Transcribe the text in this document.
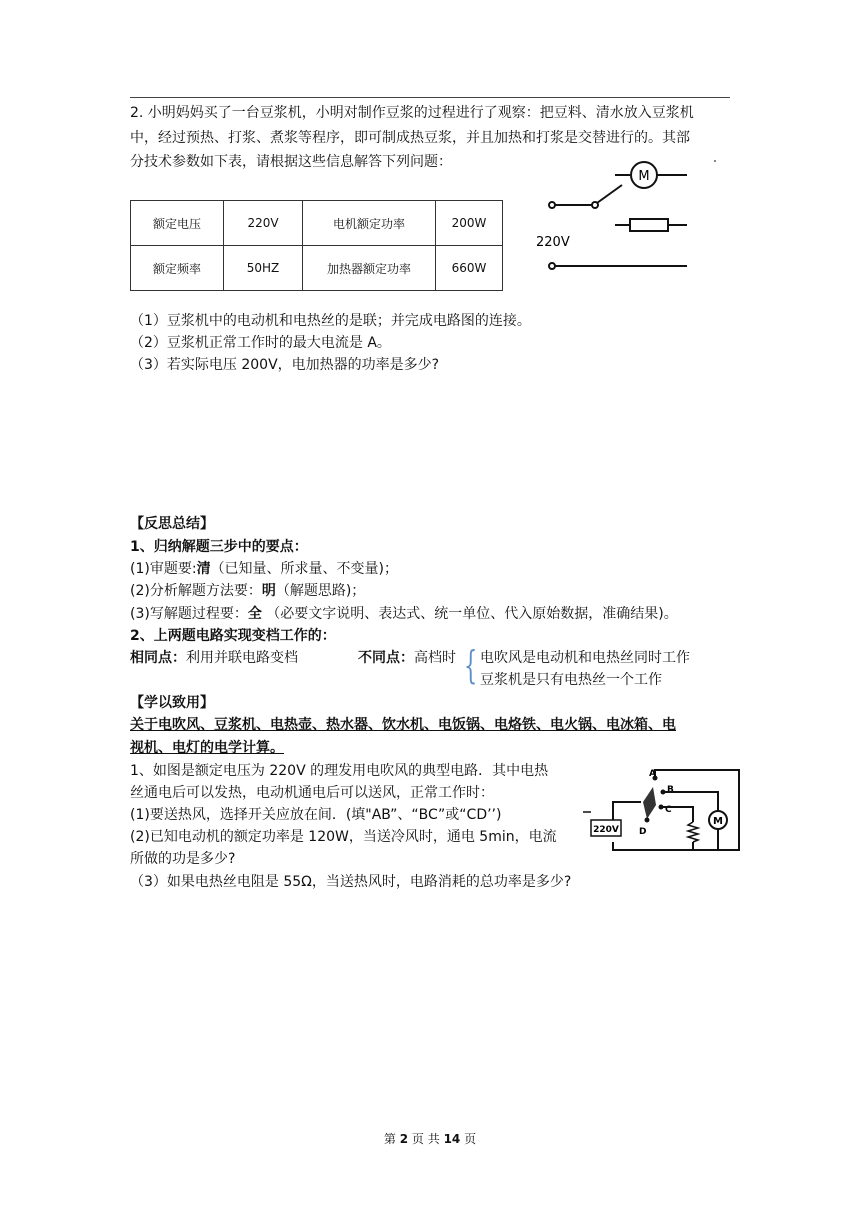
2. 小明妈妈买了一台豆浆机，小明对制作豆浆的过程进行了观察：把豆料、清水放入豆浆机
中，经过预热、打浆、煮浆等程序，即可制成热豆浆，并且加热和打浆是交替进行的。其部
分技术参数如下表，请根据这些信息解答下列问题：
额定电压	220V	电机额定功率	200W
额定频率	50HZ	加热器额定功率	660W
M
220V
（1）豆浆机中的电动机和电热丝的是联；并完成电路图的连接。
（2）豆浆机正常工作时的最大电流是 A。
（3）若实际电压 200V，电加热器的功率是多少?
【反思总结】
1、归纳解题三步中的要点：
(1)审题要:清（已知量、所求量、不变量)；
(2)分析解题方法要：明（解题思路)；
(3)写解题过程要：全 （必要文字说明、表达式、统一单位、代入原始数据，准确结果)。
2、上两题电路实现变档工作的：
相同点：利用并联电路变档	不同点：高档时 { 电吹风是电动机和电热丝同时工作
豆浆机是只有电热丝一个工作
【学以致用】
关于电吹风、豆浆机、电热壶、热水器、饮水机、电饭锅、电烙铁、电火锅、电冰箱、电
视机、电灯的电学计算。
1、如图是额定电压为 220V 的理发用电吹风的典型电路．其中电热
丝通电后可以发热，电动机通电后可以送风，正常工作时：
(1)要送热风，选择开关应放在间．(填"AB”、“BC”或“CD’’)
(2)已知电动机的额定功率是 120W，当送冷风时，通电 5min，电流
所做的功是多少?
（3）如果电热丝电阻是 55Ω，当送热风时，电路消耗的总功率是多少?
220V
A
B
C
D
M
第 2 页 共 14 页
